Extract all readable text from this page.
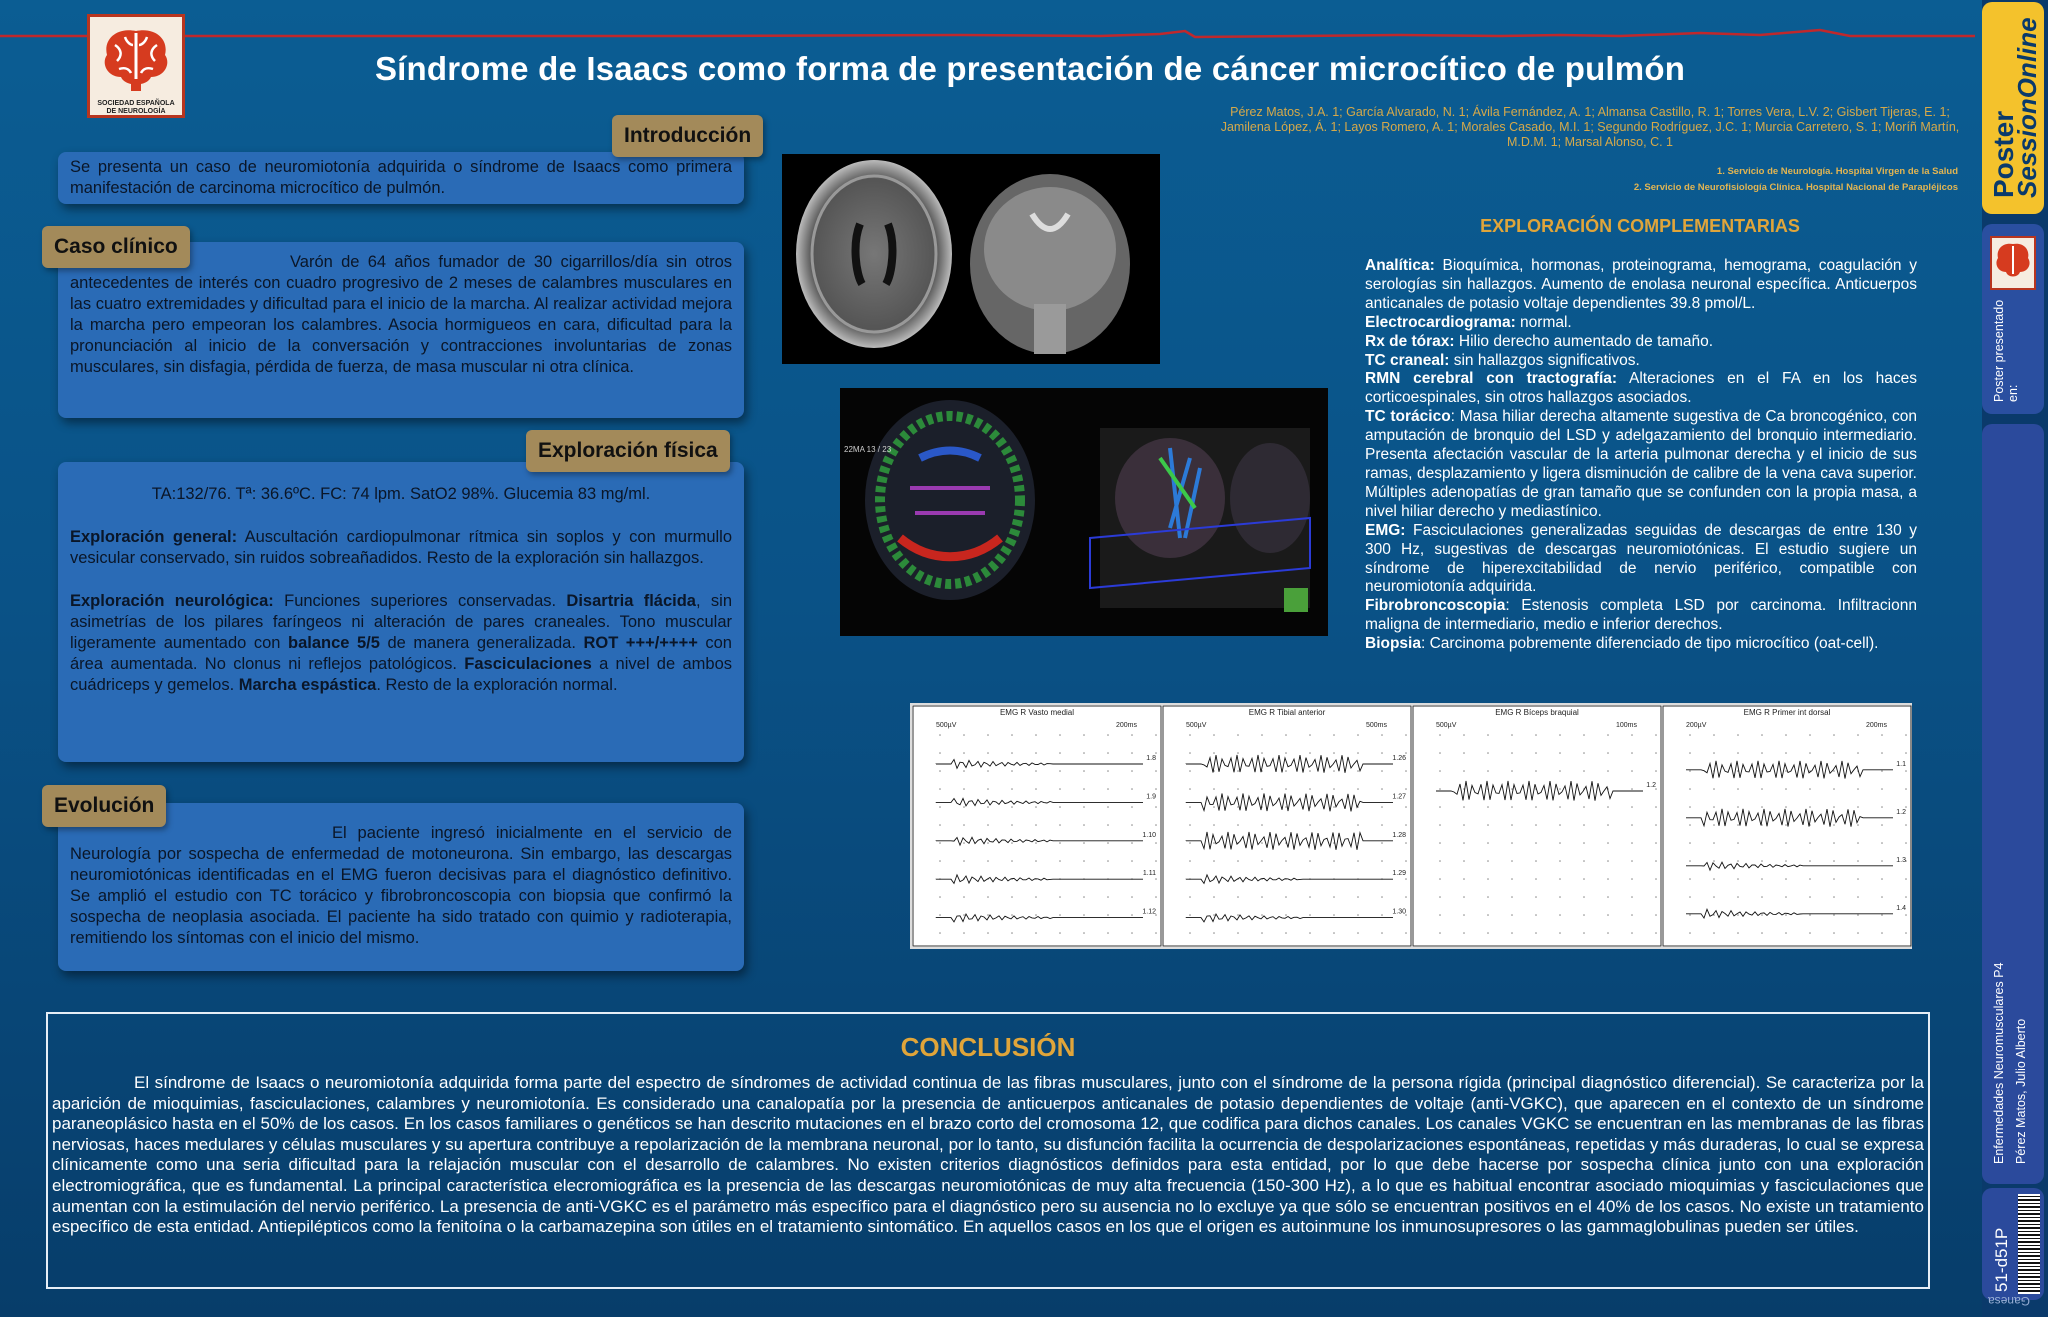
SOCIEDAD ESPAÑOLA
DE NEUROLOGÍA
Síndrome de Isaacs como forma de presentación de cáncer microcítico de pulmón
Pérez Matos, J.A. 1; García Alvarado, N. 1; Ávila Fernández, A. 1; Almansa Castillo, R. 1; Torres Vera, L.V. 2; Gisbert Tijeras, E. 1; Jamilena López, Á. 1; Layos Romero, A. 1; Morales Casado, M.I. 1; Segundo Rodríguez, J.C. 1; Murcia Carretero, S. 1; Moríñ Martín, M.D.M. 1; Marsal Alonso, C. 1
1. Servicio de Neurología. Hospital Virgen de la Salud
2. Servicio de Neurofisiología Clínica. Hospital Nacional de Parapléjicos

Se presenta un caso de neuromiotonía adquirida o síndrome de Isaacs como primera manifestación de carcinoma microcítico de pulmón.

Introducción

Varón de 64 años fumador de 30 cigarrillos/día sin otros antecedentes de interés con cuadro progresivo de 2 meses de calambres musculares en las cuatro extremidades y dificultad para el inicio de la marcha. Al realizar actividad mejora la marcha pero empeoran los calambres. Asocia hormigueos en cara, dificultad para la pronunciación al inicio de la conversación y contracciones involuntarias de zonas musculares, sin disfagia, pérdida de fuerza, de masa muscular ni otra clínica.

Caso clínico

TA:132/76. Tª: 36.6ºC. FC: 74 lpm. SatO2 98%. Glucemia 83 mg/ml.

Exploración general: Auscultación cardiopulmonar rítmica sin soplos y con murmullo vesicular conservado, sin ruidos sobreañadidos. Resto de la exploración sin hallazgos.

Exploración neurológica: Funciones superiores conservadas. Disartria flácida, sin asimetrías de los pilares faríngeos ni alteración de pares craneales. Tono muscular ligeramente aumentado con balance 5/5 de manera generalizada. ROT +++/++++ con área aumentada. No clonus ni reflejos patológicos. Fasciculaciones a nivel de ambos cuádriceps y gemelos. Marcha espástica. Resto de la exploración normal.

Exploración física

El paciente ingresó inicialmente en el servicio de Neurología por sospecha de enfermedad de motoneurona. Sin embargo, las descargas neuromiotónicas identificadas en el EMG fueron decisivas para el diagnóstico definitivo. Se amplió el estudio con TC torácico y fibrobroncoscopia con biopsia que confirmó la sospecha de neoplasia asociada. El paciente ha sido tratado con quimio y radioterapia, remitiendo los síntomas con el inicio del mismo.

Evolución
22MA 13 / 23
EXPLORACIÓN COMPLEMENTARIAS

Analítica: Bioquímica, hormonas, proteinograma, hemograma, coagulación y serologías sin hallazgos. Aumento de enolasa neuronal específica. Anticuerpos anticanales de potasio voltaje dependientes 39.8 pmol/L.

Electrocardiograma: normal.

Rx de tórax: Hilio derecho aumentado de tamaño.

TC craneal: sin hallazgos significativos.

RMN cerebral con tractografía: Alteraciones en el FA en los haces corticoespinales, sin otros hallazgos asociados.

TC torácico: Masa hiliar derecha altamente sugestiva de Ca broncogénico, con amputación de bronquio del LSD y adelgazamiento del bronquio intermediario. Presenta afectación vascular de la arteria pulmonar derecha y el inicio de sus ramas, desplazamiento y ligera disminución de calibre de la vena cava superior. Múltiples adenopatías de gran tamaño que se confunden con la propia masa, a nivel hiliar derecho y mediastínico.

EMG: Fasciculaciones generalizadas seguidas de descargas de entre 130 y 300 Hz, sugestivas de descargas neuromiotónicas. El estudio sugiere un síndrome de hiperexcitabilidad de nervio periférico, compatible con neuromiotonía adquirida.

Fibrobroncoscopia: Estenosis completa LSD por carcinoma. Infiltracionn maligna de intermediario, medio e inferior derechos.

Biopsia: Carcinoma pobremente diferenciado de tipo microcítico (oat-cell).

EMG R Vasto medial
500µV	200ms
1.8
1.9
1.10
1.11
1.12
EMG R Tibial anterior
500µV	500ms
1.26
1.27
1.28
1.29
1.30
EMG R Bíceps braquial
500µV	100ms
1.2
EMG R Primer int dorsal
200µV	200ms
1.1
1.2
1.3
1.4
CONCLUSIÓN
El síndrome de Isaacs o neuromiotonía adquirida forma parte del espectro de síndromes de actividad continua de las fibras musculares, junto con el síndrome de la persona rígida (principal diagnóstico diferencial). Se caracteriza por la aparición de mioquimias, fasciculaciones, calambres y neuromiotonía. Es considerado una canalopatía por la presencia de anticuerpos anticanales de potasio dependientes de voltaje (anti-VGKC), que aparecen en el contexto de un síndrome paraneoplásico hasta en el 50% de los casos. En los casos familiares o genéticos se han descrito mutaciones en el brazo corto del cromosoma 12, que codifica para dichos canales. Los canales VGKC se encuentran en las membranas de las fibras nerviosas, haces medulares y células musculares y su apertura contribuye a repolarización de la membrana neuronal, por lo tanto, su disfunción facilita la ocurrencia de despolarizaciones espontáneas, repetidas y más duraderas, lo cual se expresa clínicamente como una seria dificultad para la relajación muscular con el desarrollo de calambres. No existen criterios diagnósticos definidos para esta entidad, por lo que debe hacerse por sospecha clínica junto con una exploración electromiográfica, que es fundamental. La principal característica elecromiográfica es la presencia de las descargas neuromiotónicas de muy alta frecuencia (150-300 Hz), a lo que es habitual encontrar asociado mioquimias y fasciculaciones que aumentan con la estimulación del nervio periférico. La presencia de anti-VGKC es el parámetro más específico para el diagnóstico pero su ausencia no lo excluye ya que sólo se encuentran positivos en el 40% de los casos. No existe un tratamiento específico de esta entidad. Antiepilépticos como la fenitoína o la carbamazepina son útiles en el tratamiento sintomático. En aquellos casos en los que el origen es autoinmune los inmunosupresores o las gammaglobulinas pueden ser útiles.
Poster
SessionOnline
Poster presentado en:
Enfermedades Neuromusculares P4 Pérez Matos, Julio Alberto
51-d51P
Ganesa
